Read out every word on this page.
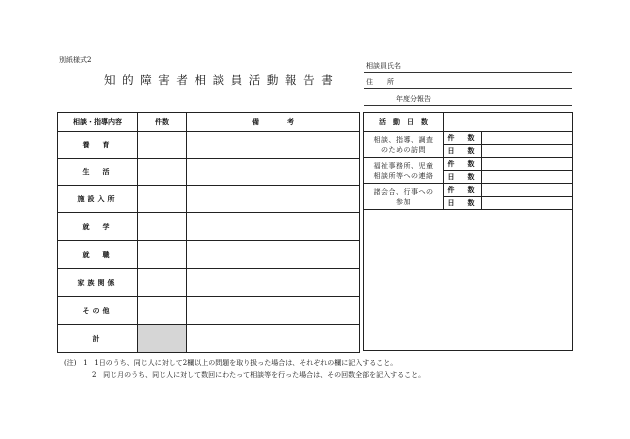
別紙様式2
知的障害者相談員活動報告書
相談員氏名
住　　所
年度分報告
相談・指導内容	件数	備　　　　考
養　育		
生　活		
施設入所		
就　学		
就　職		
家族関係		
その他		
計		
活　動　日　数		
相談、指導、調査
のための訪問	件　数	
	日　数	
福祉事務所、児童
相談所等への連絡	件　数	
	日　数	
諸会合、行事への
参加	件　数	
	日　数	

(注) 1 1日のうち、同じ人に対して2欄以上の問題を取り扱った場合は、それぞれの欄に記入すること。
2 同じ月のうち、同じ人に対して数回にわたって相談等を行った場合は、その回数全部を記入すること。
